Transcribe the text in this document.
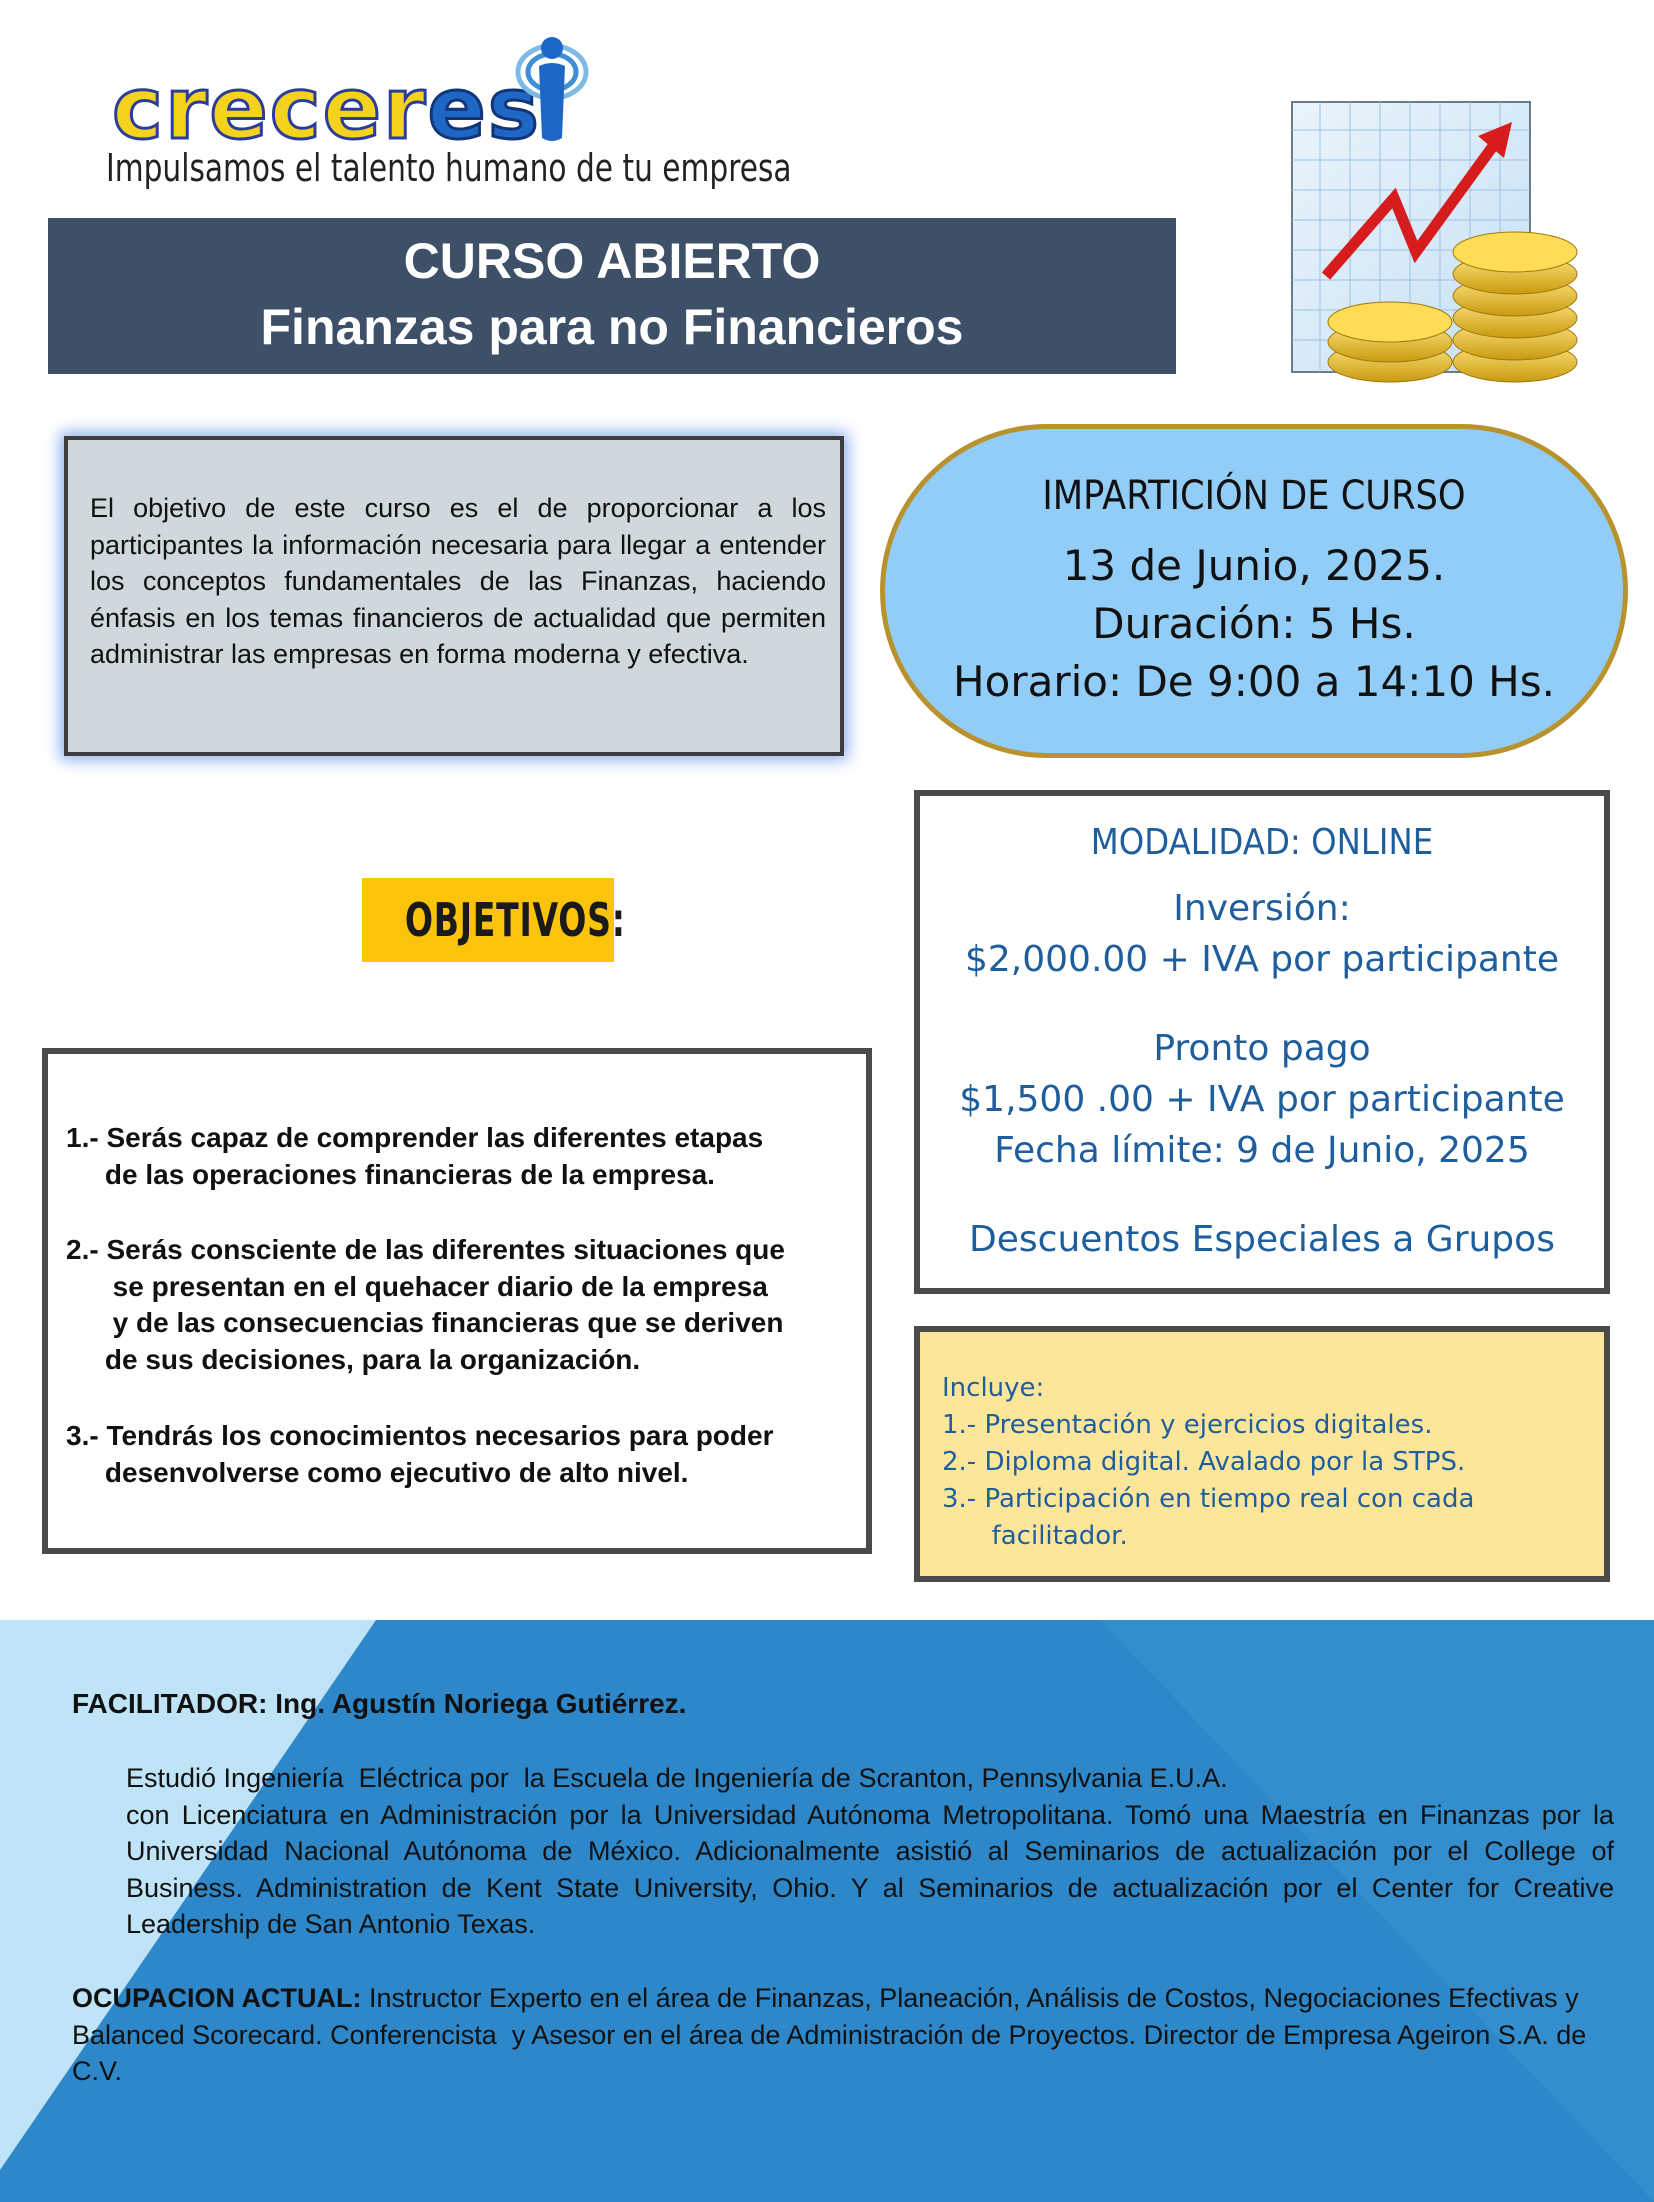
creceres
Impulsamos el talento humano de tu empresa
CURSO ABIERTO
Finanzas para no Financieros
El objetivo de este curso es el de proporcionar a los participantes la información necesaria para llegar a entender los conceptos fundamentales de las Finanzas, haciendo énfasis en los temas financieros de actualidad que permiten administrar las empresas en forma moderna y efectiva.
IMPARTICIÓN DE CURSO
13 de Junio, 2025.
Duración: 5 Hs.
Horario: De 9:00 a 14:10 Hs.
OBJETIVOS:
MODALIDAD: ONLINE
Inversión:
$2,000.00 + IVA por participante
Pronto pago
$1,500 .00 + IVA por participante
Fecha límite: 9 de Junio, 2025
Descuentos Especiales a Grupos
1.- Serás capaz de comprender las diferentes etapas
de las operaciones financieras de la empresa.
2.- Serás consciente de las diferentes situaciones que
se presentan en el quehacer diario de la empresa
y de las consecuencias financieras que se deriven
de sus decisiones, para la organización.
3.- Tendrás los conocimientos necesarios para poder
desenvolverse como ejecutivo de alto nivel.
Incluye:
1.- Presentación y ejercicios digitales.
2.- Diploma digital. Avalado por la STPS.
3.- Participación en tiempo real con cada
facilitador.
FACILITADOR: Ing. Agustín Noriega Gutiérrez.
Estudió Ingeniería  Eléctrica por  la Escuela de Ingeniería de Scranton, Pennsylvania E.U.A.
con Licenciatura en Administración por la Universidad Autónoma Metropolitana. Tomó una Maestría en Finanzas por la Universidad Nacional Autónoma de México. Adicionalmente asistió al Seminarios de actualización por el College of Business. Administration de Kent State University, Ohio. Y al Seminarios de actualización por el Center for Creative Leadership de San Antonio Texas.
OCUPACION ACTUAL: Instructor Experto en el área de Finanzas, Planeación, Análisis de Costos, Negociaciones Efectivas y Balanced Scorecard. Conferencista  y Asesor en el área de Administración de Proyectos. Director de Empresa Ageiron S.A. de C.V.
